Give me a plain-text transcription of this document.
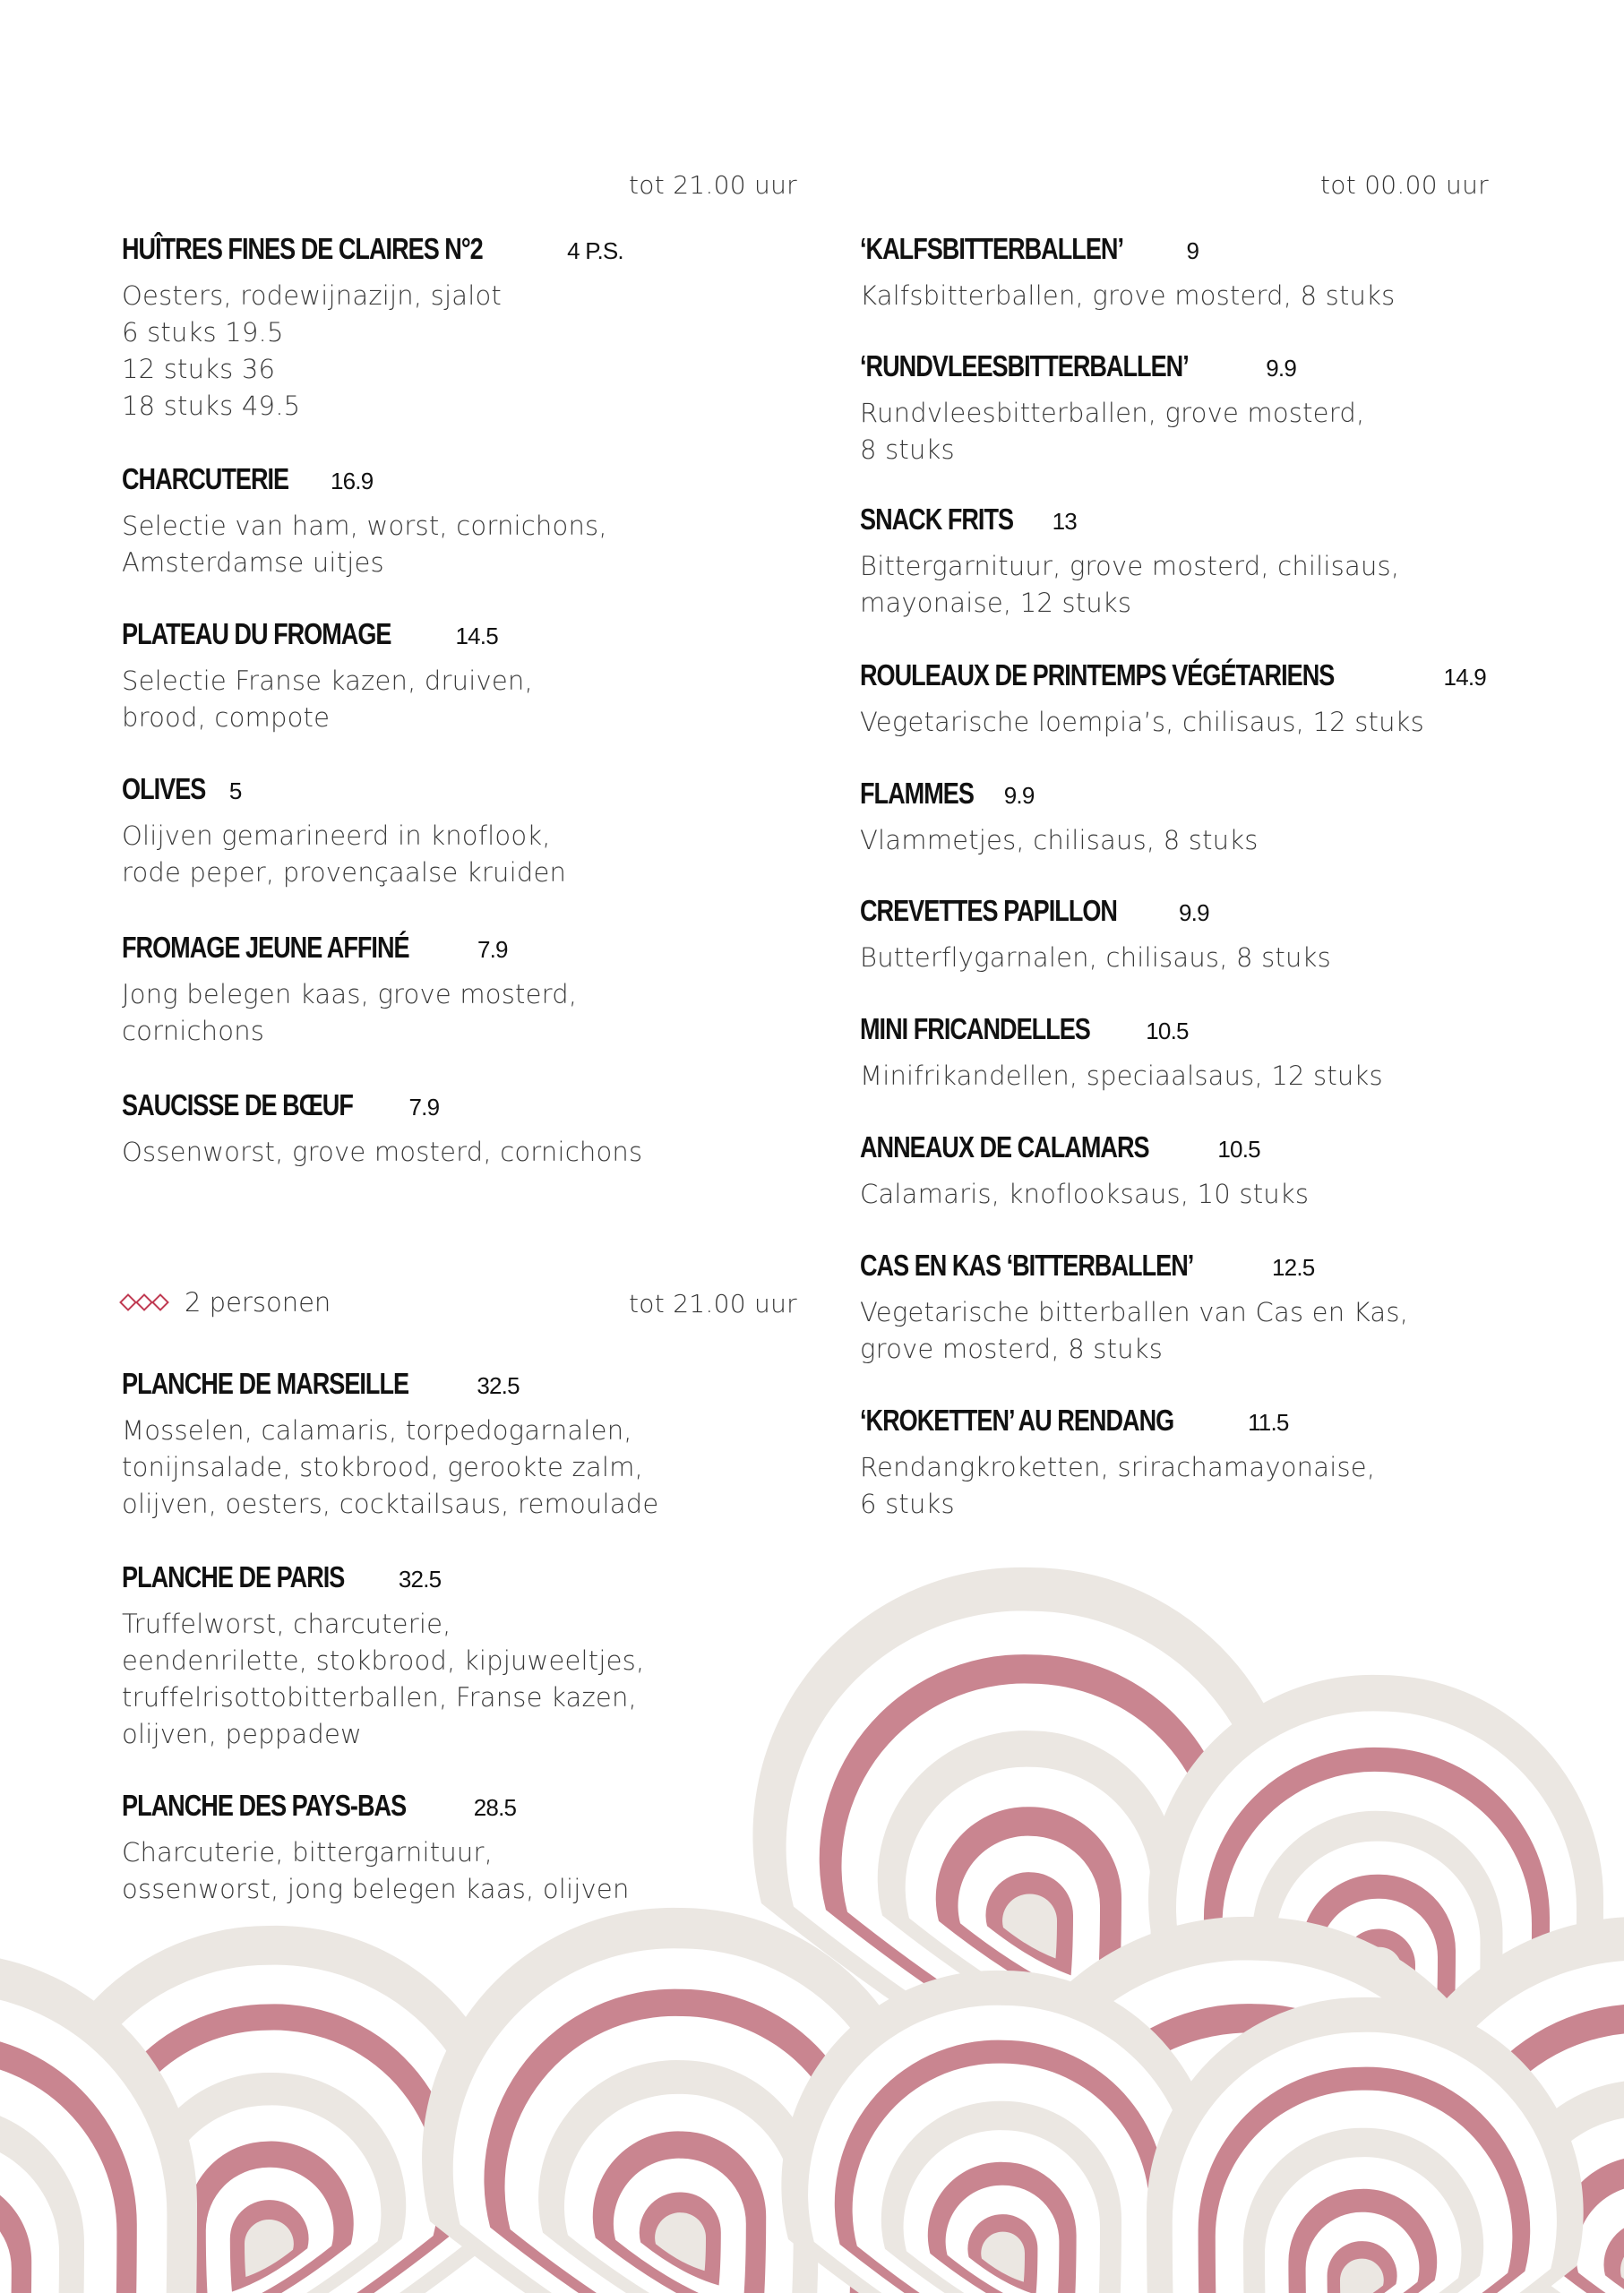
tot 21.00 uur

HUÎTRES FINES DE CLAIRES N°2	4 P.S.

Oesters, rodewijnazijn, sjalot
6 stuks 19.5
12 stuks 36
18 stuks 49.5

CHARCUTERIE 16.9

Selectie van ham, worst, cornichons,
Amsterdamse uitjes

PLATEAU DU FROMAGE	14.5

Selectie Franse kazen, druiven,
brood, compote

OLIVES 5

Olijven gemarineerd in knoflook,
rode peper, provençaalse kruiden

FROMAGE JEUNE AFFINÉ	7.9

Jong belegen kaas, grove mosterd,
cornichons

SAUCISSE DE BŒUF 7.9

Ossenworst, grove mosterd, cornichons

2 personen	tot 21.00 uur

PLANCHE DE MARSEILLE	32.5

Mosselen, calamaris, torpedogarnalen,
tonijnsalade, stokbrood, gerookte zalm,
olijven, oesters, cocktailsaus, remoulade

PLANCHE DE PARIS 32.5

Truffelworst, charcuterie,
eendenrilette, stokbrood, kipjuweeltjes,
truffelrisottobitterballen, Franse kazen,
olijven, peppadew

PLANCHE DES PAYS-BAS	28.5

Charcuterie, bittergarnituur,
ossenworst, jong belegen kaas, olijven

tot 00.00 uur

‘KALFSBITTERBALLEN’	9

Kalfsbitterballen, grove mosterd, 8 stuks

‘RUNDVLEESBITTERBALLEN’	9.9

Rundvleesbitterballen, grove mosterd,
8 stuks

SNACK FRITS 13

Bittergarnituur, grove mosterd, chilisaus,
mayonaise, 12 stuks

ROULEAUX DE PRINTEMPS VÉGÉTARIENS	14.9

Vegetarische loempia’s, chilisaus, 12 stuks

FLAMMES 9.9

Vlammetjes, chilisaus, 8 stuks

CREVETTES PAPILLON	9.9

Butterflygarnalen, chilisaus, 8 stuks

MINI FRICANDELLES 10.5

Minifrikandellen, speciaalsaus, 12 stuks

ANNEAUX DE CALAMARS	10.5

Calamaris, knoflooksaus, 10 stuks

CAS EN KAS ‘BITTERBALLEN’	12.5

Vegetarische bitterballen van Cas en Kas,
grove mosterd, 8 stuks

‘KROKETTEN’ AU RENDANG	11.5

Rendangkroketten, srirachamayonaise,
6 stuks
